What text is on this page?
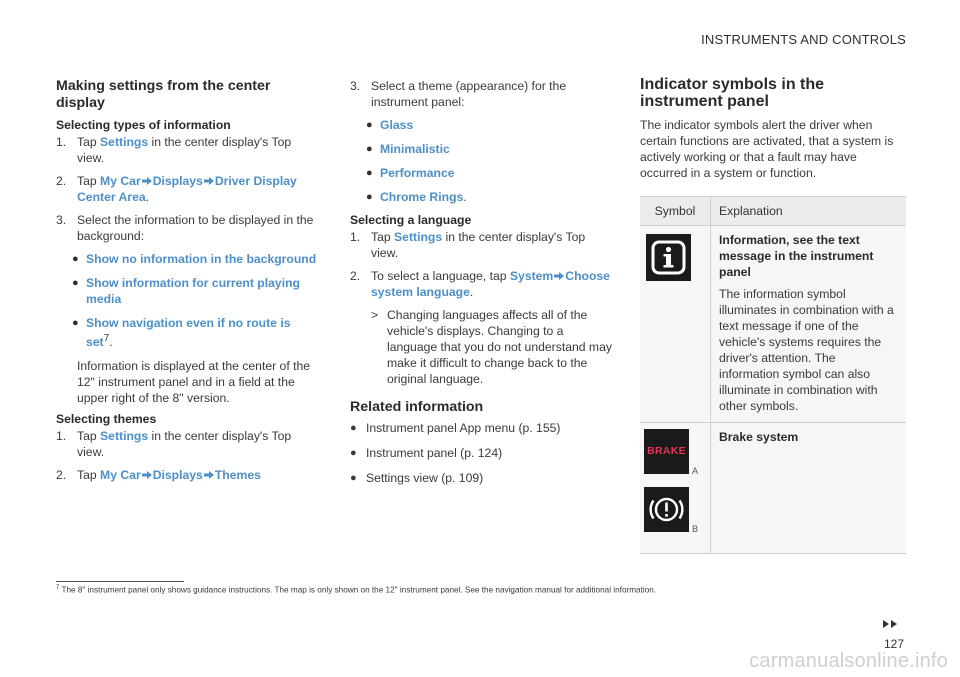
INSTRUMENTS AND CONTROLS
Making settings from the center display
Selecting types of information
1. Tap Settings in the center display's Top view.
2. Tap My Car Displays Driver Display Center Area.
3. Select the information to be displayed in the background:
● Show no information in the background
● Show information for current playing media
● Show navigation even if no route is set$^7$.
Information is displayed at the center of the 12" instrument panel and in a field at the upper right of the 8" version.
Selecting themes
1. Tap Settings in the center display's Top view.
2. Tap My Car Displays Themes
3. Select a theme (appearance) for the instrument panel:
● Glass
● Minimalistic
● Performance
● Chrome Rings.
Selecting a language
1. Tap Settings in the center display's Top view.
2. To select a language, tap System Choose system language.
> Changing languages affects all of the vehicle's displays. Changing to a language that you do not understand may make it difficult to change back to the original language.
Related information
● Instrument panel App menu (p. 155)
● Instrument panel (p. 124)
● Settings view (p. 109)
Indicator symbols in the instrument panel

The indicator symbols alert the driver when certain functions are activated, that a system is actively working or that a fault may have occurred in a system or function.

Symbol	Explanation

Information, see the text message in the instrument panel
The information symbol illuminates in combination with a text message if one of the vehicle's systems requires the driver's attention. The information symbol can also illuminate in combination with other symbols.

BRAKE
A
B	Brake system
$^7$ The 8" instrument panel only shows guidance instructions. The map is only shown on the 12" instrument panel. See the navigation manual for additional information.
127
carmanualsonline.info
